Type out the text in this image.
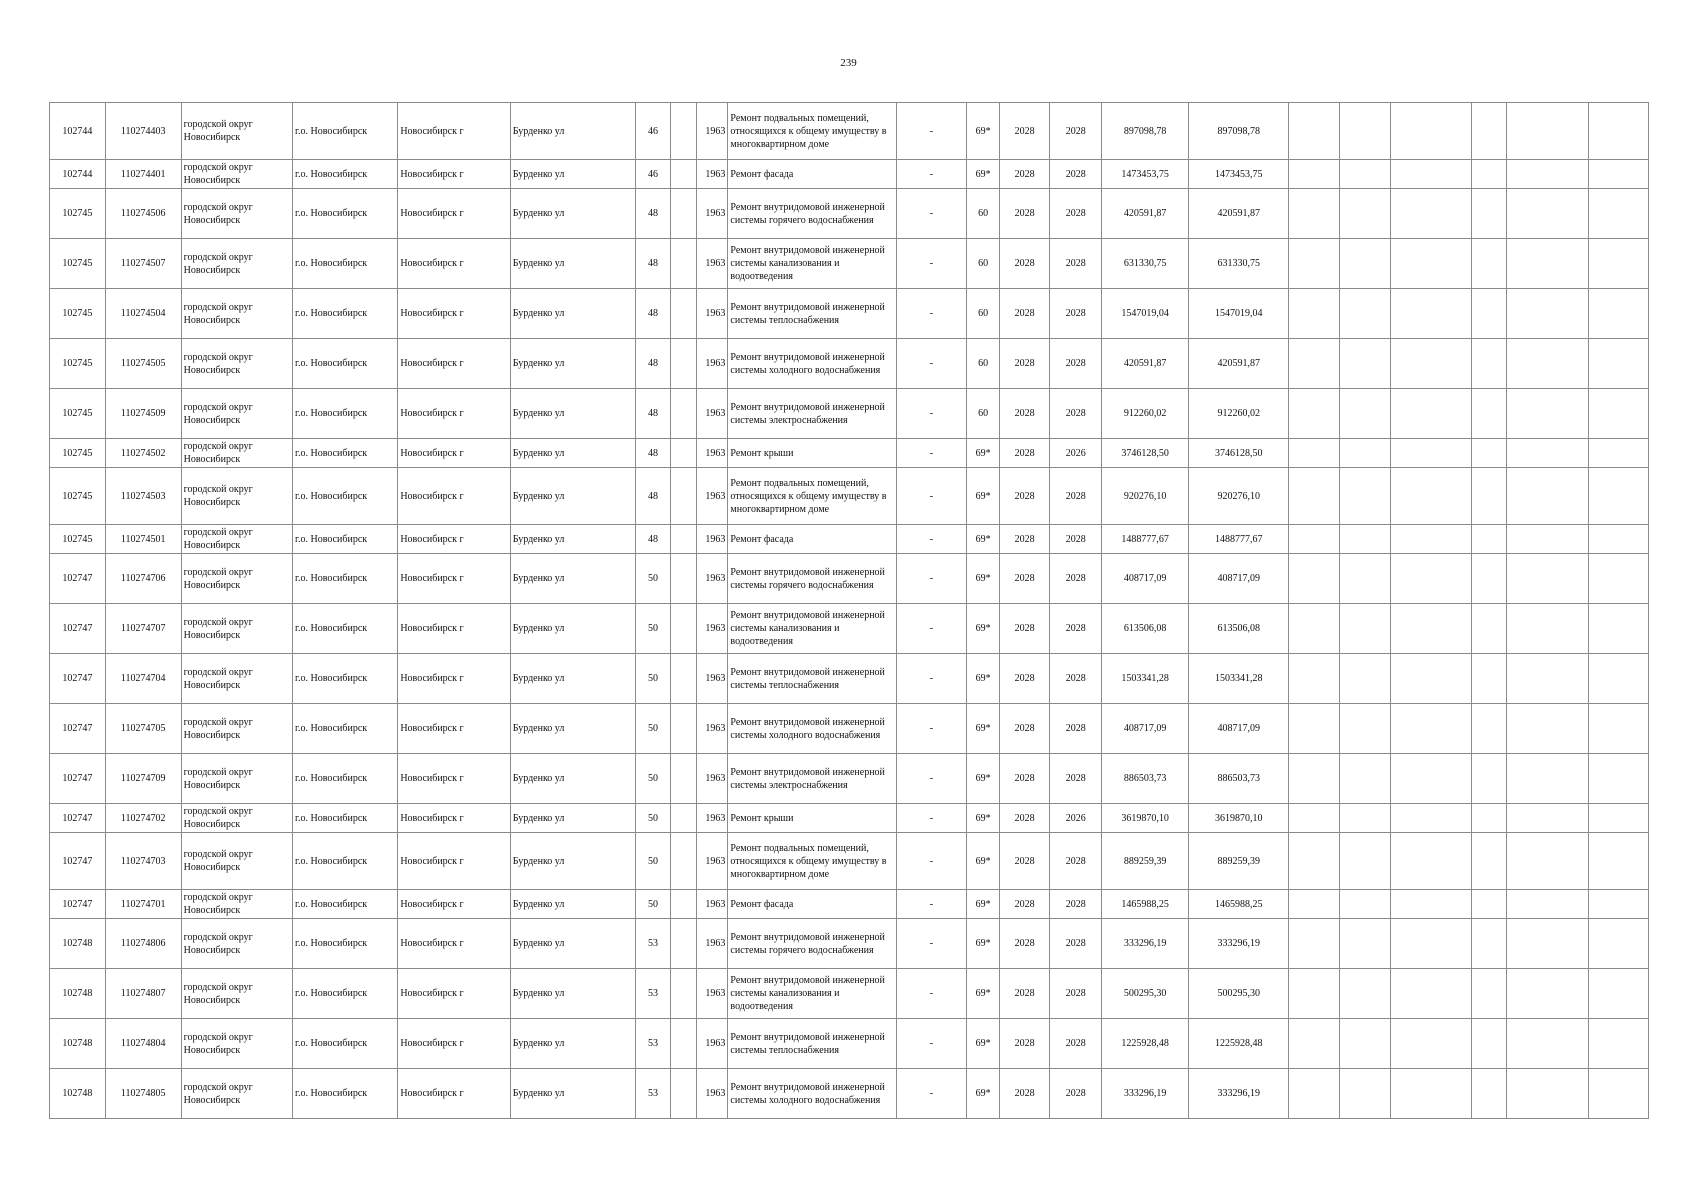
239
102744	110274403	городской округ Новосибирск	г.о. Новосибирск	Новосибирск г	Бурденко ул	46		1963	Ремонт подвальных помещений, относящихся к общему имуществу в многоквартирном доме	-	69*	2028	2028	897098,78	897098,78						
102744	110274401	городской округ Новосибирск	г.о. Новосибирск	Новосибирск г	Бурденко ул	46		1963	Ремонт фасада	-	69*	2028	2028	1473453,75	1473453,75						
102745	110274506	городской округ Новосибирск	г.о. Новосибирск	Новосибирск г	Бурденко ул	48		1963	Ремонт внутридомовой инженерной системы горячего водоснабжения	-	60	2028	2028	420591,87	420591,87						
102745	110274507	городской округ Новосибирск	г.о. Новосибирск	Новосибирск г	Бурденко ул	48		1963	Ремонт внутридомовой инженерной системы канализования и водоотведения	-	60	2028	2028	631330,75	631330,75						
102745	110274504	городской округ Новосибирск	г.о. Новосибирск	Новосибирск г	Бурденко ул	48		1963	Ремонт внутридомовой инженерной системы теплоснабжения	-	60	2028	2028	1547019,04	1547019,04						
102745	110274505	городской округ Новосибирск	г.о. Новосибирск	Новосибирск г	Бурденко ул	48		1963	Ремонт внутридомовой инженерной системы холодного водоснабжения	-	60	2028	2028	420591,87	420591,87						
102745	110274509	городской округ Новосибирск	г.о. Новосибирск	Новосибирск г	Бурденко ул	48		1963	Ремонт внутридомовой инженерной системы электроснабжения	-	60	2028	2028	912260,02	912260,02						
102745	110274502	городской округ Новосибирск	г.о. Новосибирск	Новосибирск г	Бурденко ул	48		1963	Ремонт крыши	-	69*	2028	2026	3746128,50	3746128,50						
102745	110274503	городской округ Новосибирск	г.о. Новосибирск	Новосибирск г	Бурденко ул	48		1963	Ремонт подвальных помещений, относящихся к общему имуществу в многоквартирном доме	-	69*	2028	2028	920276,10	920276,10						
102745	110274501	городской округ Новосибирск	г.о. Новосибирск	Новосибирск г	Бурденко ул	48		1963	Ремонт фасада	-	69*	2028	2028	1488777,67	1488777,67						
102747	110274706	городской округ Новосибирск	г.о. Новосибирск	Новосибирск г	Бурденко ул	50		1963	Ремонт внутридомовой инженерной системы горячего водоснабжения	-	69*	2028	2028	408717,09	408717,09						
102747	110274707	городской округ Новосибирск	г.о. Новосибирск	Новосибирск г	Бурденко ул	50		1963	Ремонт внутридомовой инженерной системы канализования и водоотведения	-	69*	2028	2028	613506,08	613506,08						
102747	110274704	городской округ Новосибирск	г.о. Новосибирск	Новосибирск г	Бурденко ул	50		1963	Ремонт внутридомовой инженерной системы теплоснабжения	-	69*	2028	2028	1503341,28	1503341,28						
102747	110274705	городской округ Новосибирск	г.о. Новосибирск	Новосибирск г	Бурденко ул	50		1963	Ремонт внутридомовой инженерной системы холодного водоснабжения	-	69*	2028	2028	408717,09	408717,09						
102747	110274709	городской округ Новосибирск	г.о. Новосибирск	Новосибирск г	Бурденко ул	50		1963	Ремонт внутридомовой инженерной системы электроснабжения	-	69*	2028	2028	886503,73	886503,73						
102747	110274702	городской округ Новосибирск	г.о. Новосибирск	Новосибирск г	Бурденко ул	50		1963	Ремонт крыши	-	69*	2028	2026	3619870,10	3619870,10						
102747	110274703	городской округ Новосибирск	г.о. Новосибирск	Новосибирск г	Бурденко ул	50		1963	Ремонт подвальных помещений, относящихся к общему имуществу в многоквартирном доме	-	69*	2028	2028	889259,39	889259,39						
102747	110274701	городской округ Новосибирск	г.о. Новосибирск	Новосибирск г	Бурденко ул	50		1963	Ремонт фасада	-	69*	2028	2028	1465988,25	1465988,25						
102748	110274806	городской округ Новосибирск	г.о. Новосибирск	Новосибирск г	Бурденко ул	53		1963	Ремонт внутридомовой инженерной системы горячего водоснабжения	-	69*	2028	2028	333296,19	333296,19						
102748	110274807	городской округ Новосибирск	г.о. Новосибирск	Новосибирск г	Бурденко ул	53		1963	Ремонт внутридомовой инженерной системы канализования и водоотведения	-	69*	2028	2028	500295,30	500295,30						
102748	110274804	городской округ Новосибирск	г.о. Новосибирск	Новосибирск г	Бурденко ул	53		1963	Ремонт внутридомовой инженерной системы теплоснабжения	-	69*	2028	2028	1225928,48	1225928,48						
102748	110274805	городской округ Новосибирск	г.о. Новосибирск	Новосибирск г	Бурденко ул	53		1963	Ремонт внутридомовой инженерной системы холодного водоснабжения	-	69*	2028	2028	333296,19	333296,19						
